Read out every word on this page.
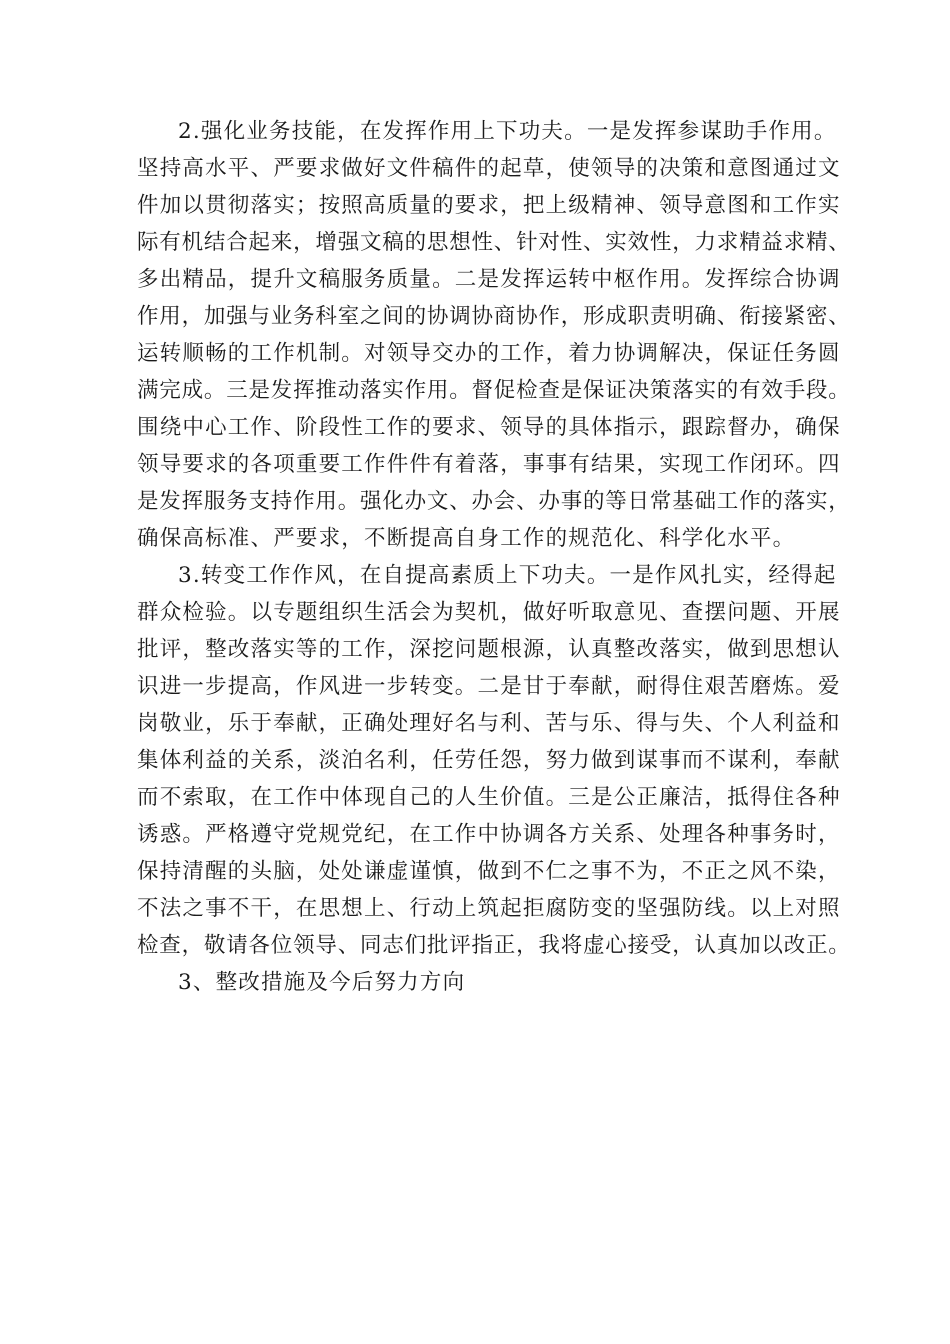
2.强化业务技能，在发挥作用上下功夫。一是发挥参谋助手作用。
坚持高水平、严要求做好文件稿件的起草，使领导的决策和意图通过文
件加以贯彻落实；按照高质量的要求，把上级精神、领导意图和工作实
际有机结合起来，增强文稿的思想性、针对性、实效性，力求精益求精、
多出精品，提升文稿服务质量。二是发挥运转中枢作用。发挥综合协调
作用，加强与业务科室之间的协调协商协作，形成职责明确、衔接紧密、
运转顺畅的工作机制。对领导交办的工作，着力协调解决，保证任务圆
满完成。三是发挥推动落实作用。督促检查是保证决策落实的有效手段。
围绕中心工作、阶段性工作的要求、领导的具体指示，跟踪督办，确保
领导要求的各项重要工作件件有着落，事事有结果，实现工作闭环。四
是发挥服务支持作用。强化办文、办会、办事的等日常基础工作的落实，
确保高标准、严要求，不断提高自身工作的规范化、科学化水平。
3.转变工作作风，在自提高素质上下功夫。一是作风扎实，经得起
群众检验。以专题组织生活会为契机，做好听取意见、查摆问题、开展
批评，整改落实等的工作，深挖问题根源，认真整改落实，做到思想认
识进一步提高，作风进一步转变。二是甘于奉献，耐得住艰苦磨炼。爱
岗敬业，乐于奉献，正确处理好名与利、苦与乐、得与失、个人利益和
集体利益的关系，淡泊名利，任劳任怨，努力做到谋事而不谋利，奉献
而不索取，在工作中体现自己的人生价值。三是公正廉洁，抵得住各种
诱惑。严格遵守党规党纪，在工作中协调各方关系、处理各种事务时，
保持清醒的头脑，处处谦虚谨慎，做到不仁之事不为，不正之风不染，
不法之事不干，在思想上、行动上筑起拒腐防变的坚强防线。以上对照
检查，敬请各位领导、同志们批评指正，我将虚心接受，认真加以改正。
3、整改措施及今后努力方向
